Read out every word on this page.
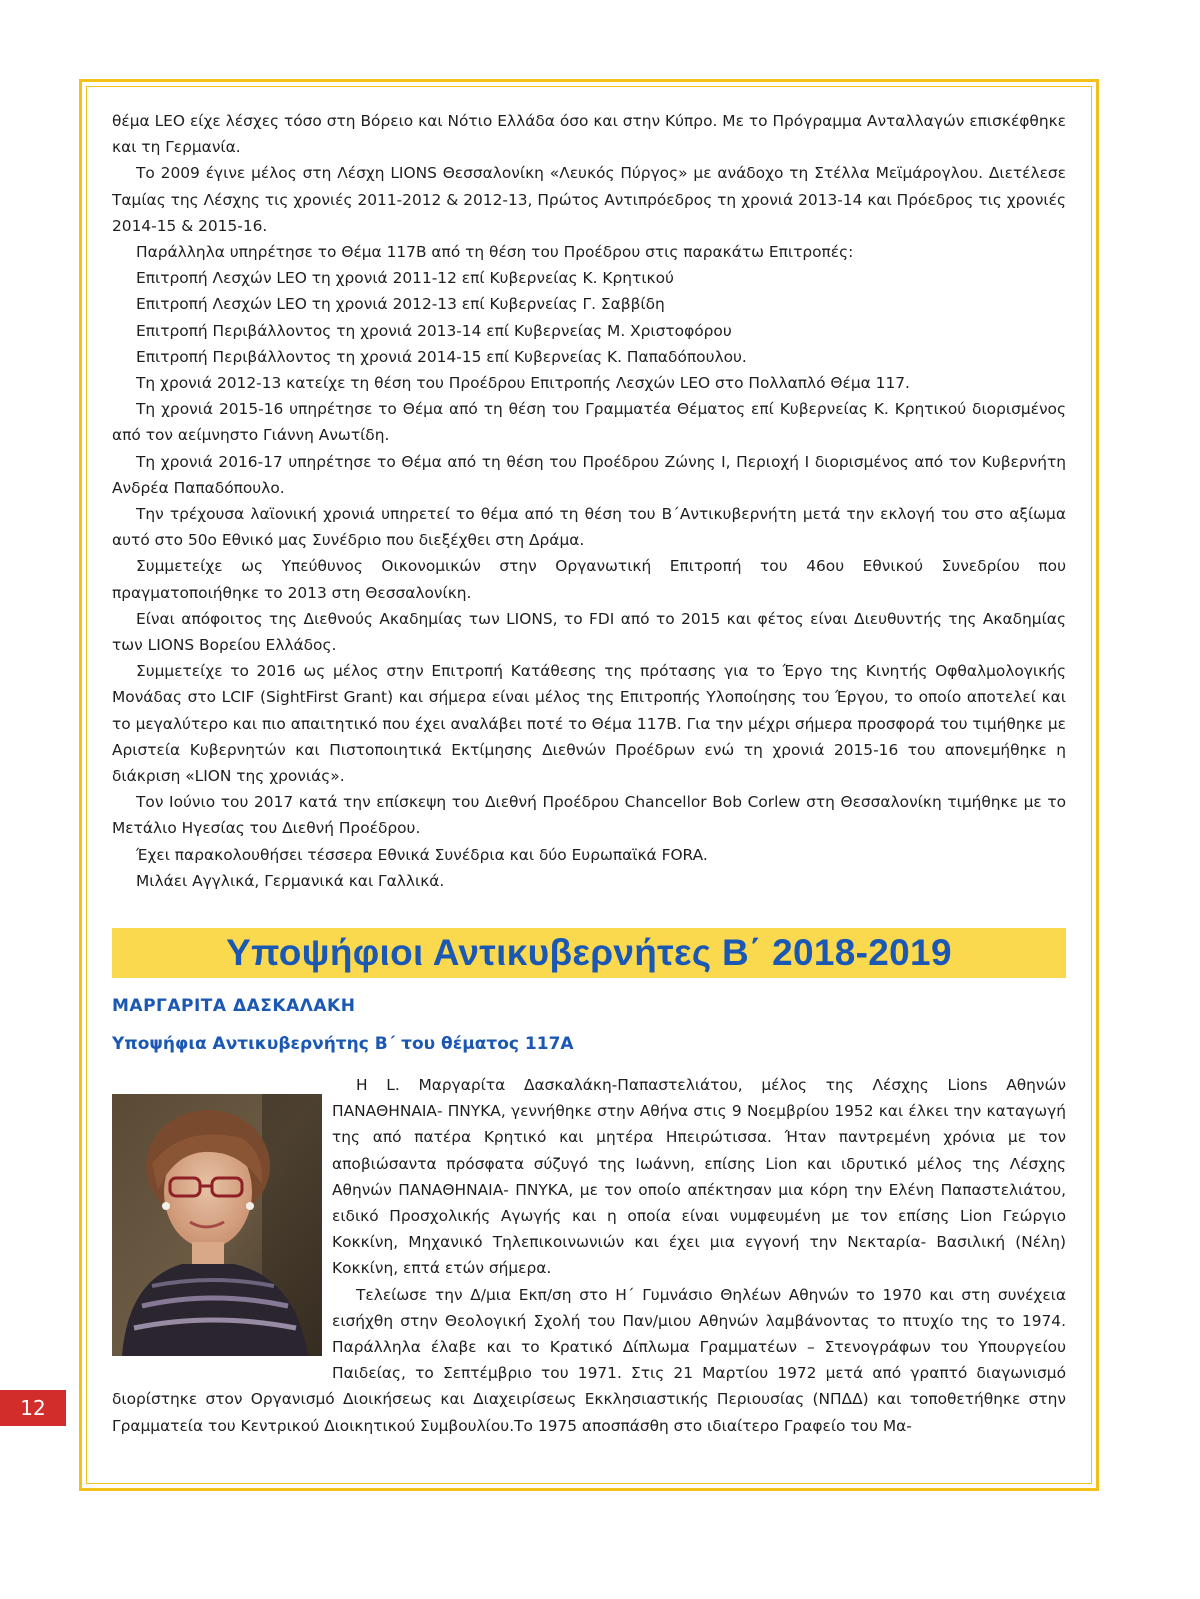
12

θέμα LEO είχε λέσχες τόσο στη Βόρειο και Νότιο Ελλάδα όσο και στην Κύπρο. Με το Πρόγραμμα Ανταλλαγών επισκέφθηκε και τη Γερμανία.

Το 2009 έγινε μέλος στη Λέσχη LIONS Θεσσαλονίκη «Λευκός Πύργος» με ανάδοχο τη Στέλλα Μεϊμάρογλου. Διετέλεσε Ταμίας της Λέσχης τις χρονιές 2011-2012 & 2012-13, Πρώτος Αντιπρόεδρος τη χρονιά 2013-14 και Πρόεδρος τις χρονιές 2014-15 & 2015-16.

Παράλληλα υπηρέτησε το Θέμα 117Β από τη θέση του Προέδρου στις παρακάτω Επιτροπές:

Επιτροπή Λεσχών LEO τη χρονιά 2011-12 επί Κυβερνείας Κ. Κρητικού

Επιτροπή Λεσχών LEO τη χρονιά 2012-13 επί Κυβερνείας Γ. Σαββίδη

Επιτροπή Περιβάλλοντος τη χρονιά 2013-14 επί Κυβερνείας Μ. Χριστοφόρου

Επιτροπή Περιβάλλοντος τη χρονιά 2014-15 επί Κυβερνείας Κ. Παπαδόπουλου.

Τη χρονιά 2012-13 κατείχε τη θέση του Προέδρου Επιτροπής Λεσχών LEO στο Πολλαπλό Θέμα 117.

Τη χρονιά 2015-16 υπηρέτησε το Θέμα από τη θέση του Γραμματέα Θέματος επί Κυβερνείας Κ. Κρητικού διορισμένος από τον αείμνηστο Γιάννη Ανωτίδη.

Τη χρονιά 2016-17 υπηρέτησε το Θέμα από τη θέση του Προέδρου Ζώνης Ι, Περιοχή Ι διορισμένος από τον Κυβερνήτη Ανδρέα Παπαδόπουλο.

Την τρέχουσα λαϊονική χρονιά υπηρετεί το θέμα από τη θέση του Β΄Αντικυβερνήτη μετά την εκλογή του στο αξίωμα αυτό στο 50ο Εθνικό μας Συνέδριο που διεξέχθει στη Δράμα.

Συμμετείχε ως Υπεύθυνος Οικονομικών στην Οργανωτική Επιτροπή του 46ου Εθνικού Συνεδρίου που πραγματοποιήθηκε το 2013 στη Θεσσαλονίκη.

Είναι απόφοιτος της Διεθνούς Ακαδημίας των LIONS, το FDI από το 2015 και φέτος είναι Διευθυντής της Ακαδημίας των LIONS Βορείου Ελλάδος.

Συμμετείχε το 2016 ως μέλος στην Επιτροπή Κατάθεσης της πρότασης για το Έργο της Κινητής Οφθαλμολογικής Μονάδας στο LCIF (SightFirst Grant) και σήμερα είναι μέλος της Επιτροπής Υλοποίησης του Έργου, το οποίο αποτελεί και το μεγαλύτερο και πιο απαιτητικό που έχει αναλάβει ποτέ το Θέμα 117Β. Για την μέχρι σήμερα προσφορά του τιμήθηκε με Αριστεία Κυβερνητών και Πιστοποιητικά Εκτίμησης Διεθνών Προέδρων ενώ τη χρονιά 2015-16 του απονεμήθηκε η διάκριση «LION της χρονιάς».

Τον Ιούνιο του 2017 κατά την επίσκεψη του Διεθνή Προέδρου Chancellor Bob Corlew στη Θεσσαλονίκη τιμήθηκε με το Μετάλιο Ηγεσίας του Διεθνή Προέδρου.

Έχει παρακολουθήσει τέσσερα Εθνικά Συνέδρια και δύο Ευρωπαϊκά FORA.

Μιλάει Αγγλικά, Γερμανικά και Γαλλικά.

Υποψήφιοι Αντικυβερνήτες Β΄ 2018-2019
ΜΑΡΓΑΡΙΤΑ ΔΑΣΚΑΛΑΚΗ
Υποψήφια Αντικυβερνήτης Β΄ του θέματος 117Α

Η L. Μαργαρίτα Δασκαλάκη-Παπαστελιάτου, μέλος της Λέσχης Lions Αθηνών ΠΑΝΑΘΗΝΑΙΑ- ΠΝΥΚΑ, γεννήθηκε στην Αθήνα στις 9 Νοεμβρίου 1952 και έλκει την καταγωγή της από πατέρα Κρητικό και μητέρα Ηπειρώτισσα. Ήταν παντρεμένη χρόνια με τον αποβιώσαντα πρόσφατα σύζυγό της Ιωάννη, επίσης Lion και ιδρυτικό μέλος της Λέσχης Αθηνών ΠΑΝΑΘΗΝΑΙΑ- ΠΝΥΚΑ, με τον οποίο απέκτησαν μια κόρη την Ελένη Παπαστελιάτου, ειδικό Προσχολικής Αγωγής και η οποία είναι νυμφευμένη με τον επίσης Lion Γεώργιο Κοκκίνη, Μηχανικό Τηλεπικοινωνιών και έχει μια εγγονή την Νεκταρία- Βασιλική (Νέλη) Κοκκίνη, επτά ετών σήμερα.

Τελείωσε την Δ/μια Εκπ/ση στο Η΄ Γυμνάσιο Θηλέων Αθηνών το 1970 και στη συνέχεια εισήχθη στην Θεολογική Σχολή του Παν/μιου Αθηνών λαμβάνοντας το πτυχίο της το 1974. Παράλληλα έλαβε και το Κρατικό Δίπλωμα Γραμματέων – Στενογράφων του Υπουργείου Παιδείας, το Σεπτέμβριο του 1971. Στις 21 Μαρτίου 1972 μετά από γραπτό διαγωνισμό διορίστηκε στον Οργανισμό Διοικήσεως και Διαχειρίσεως Εκκλησιαστικής Περιουσίας (ΝΠΔΔ) και τοποθετήθηκε στην Γραμματεία του Κεντρικού Διοικητικού Συμβουλίου.Το 1975 αποσπάσθη στο ιδιαίτερο Γραφείο του Μα-
